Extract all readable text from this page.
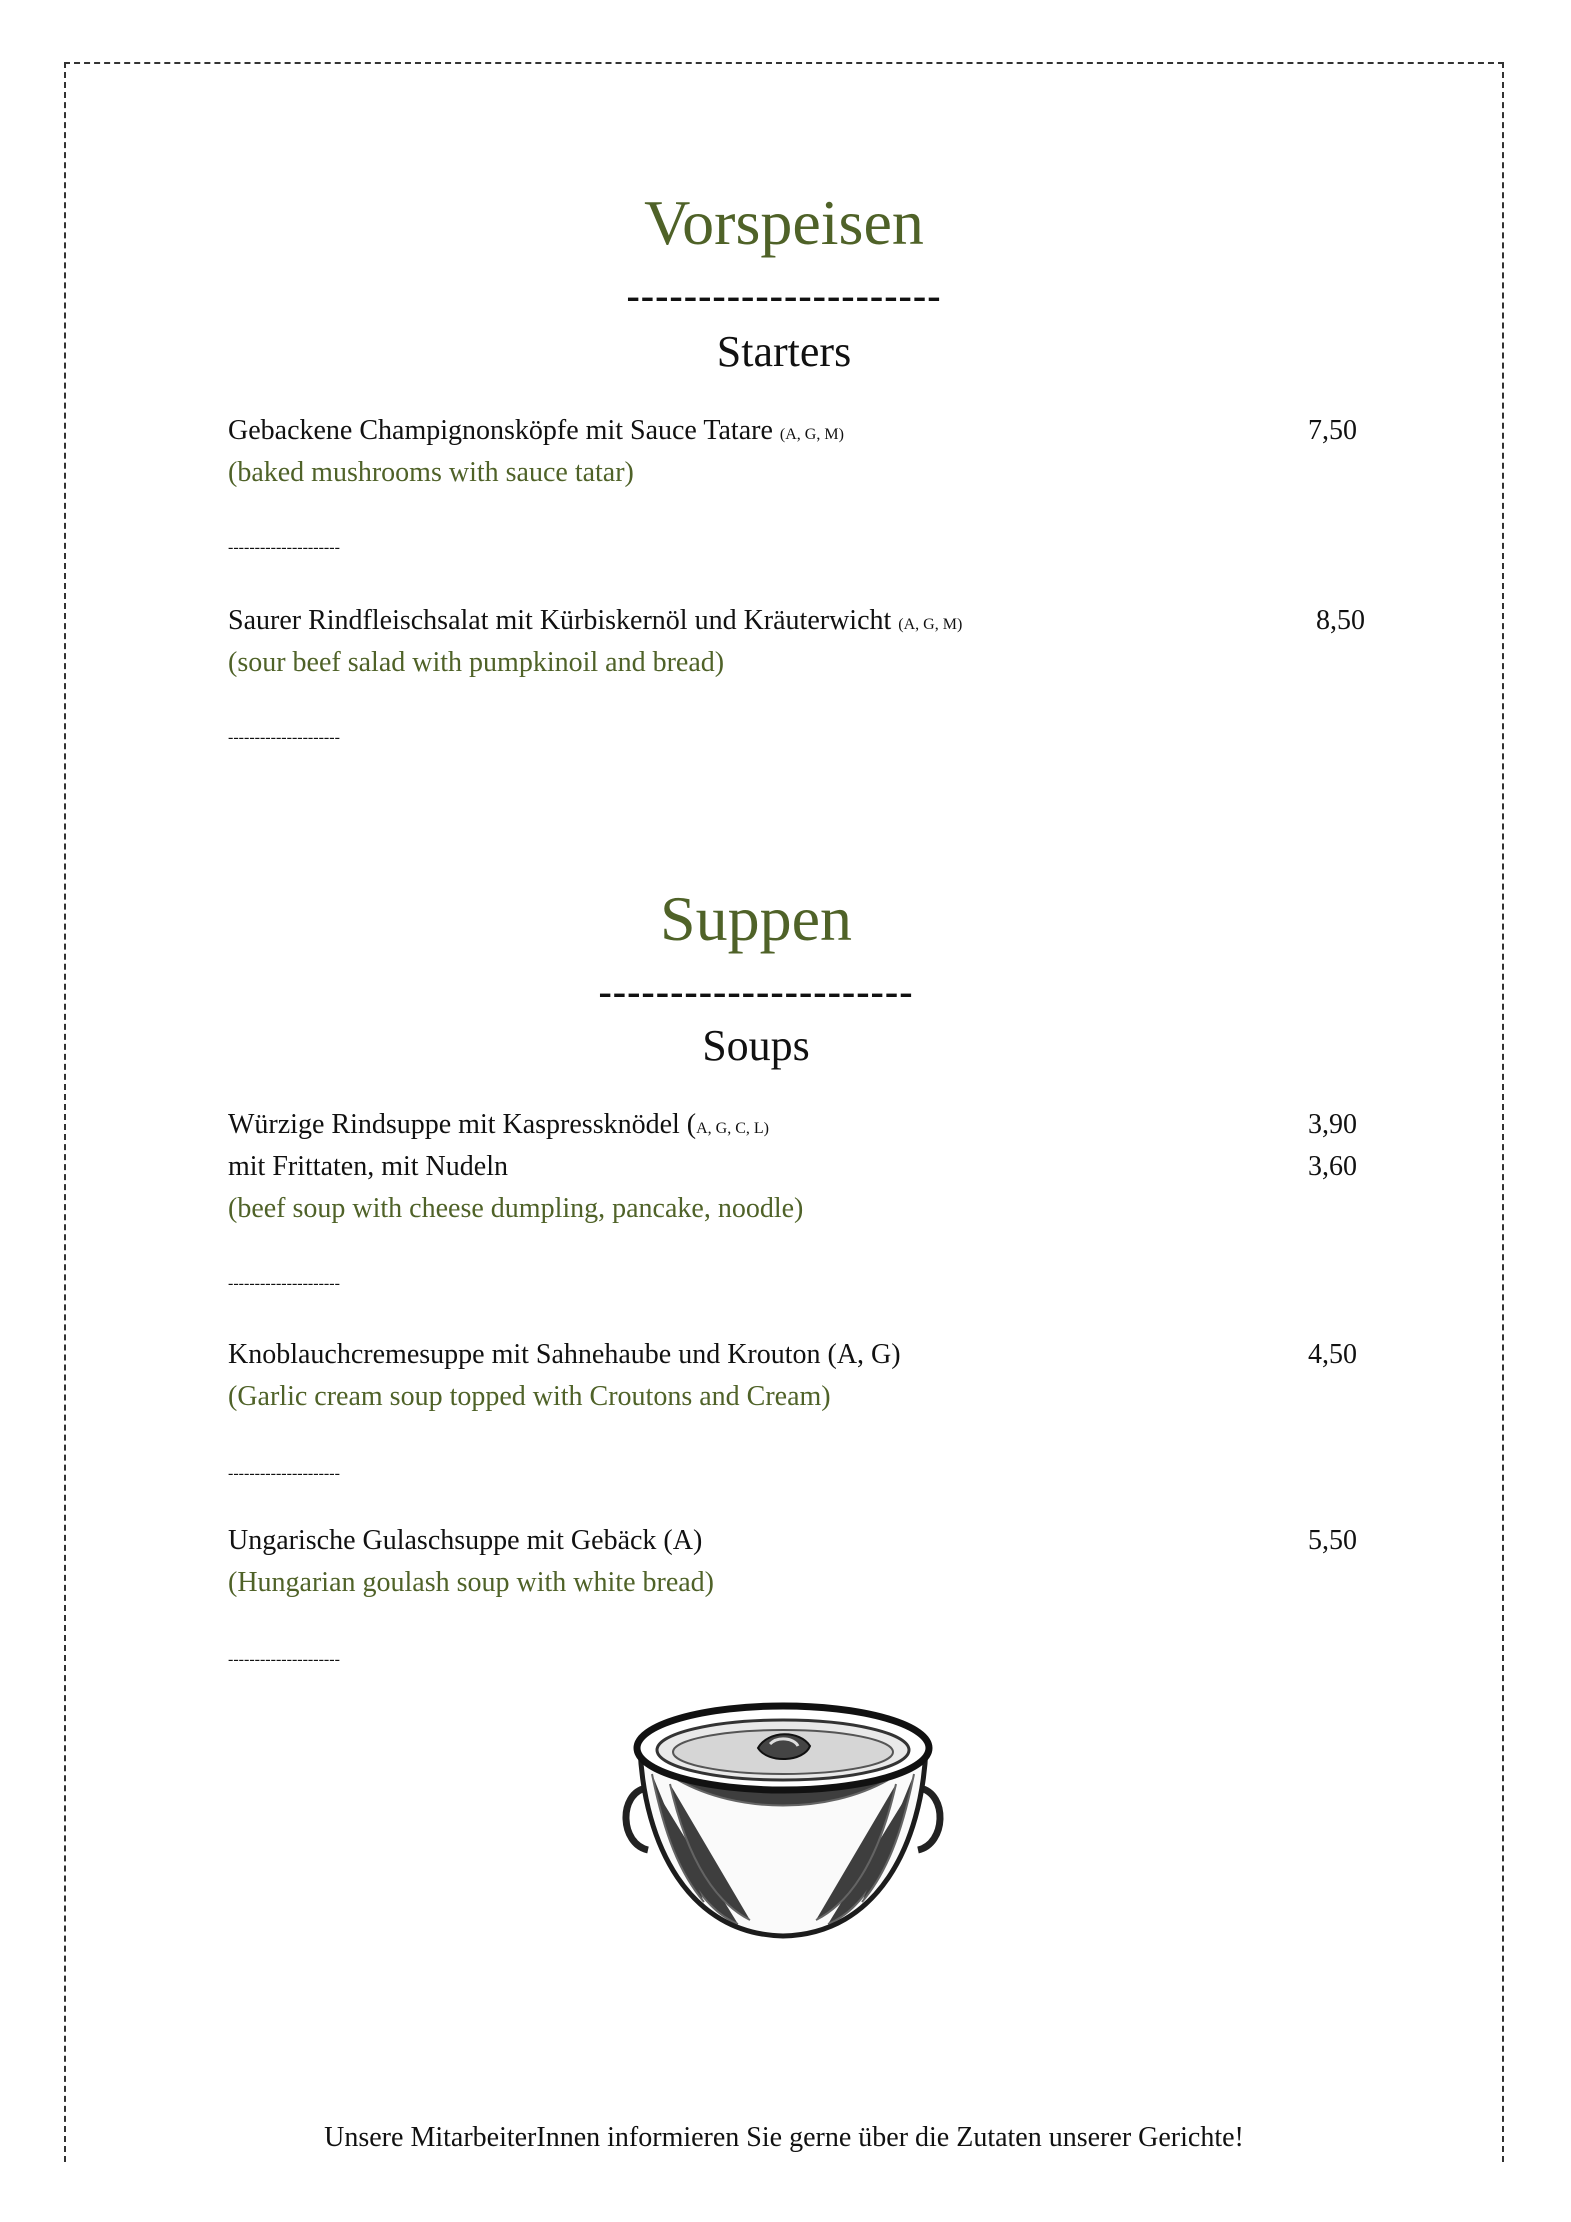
Vorspeisen
----------------------
Starters
Gebackene Champignonsköpfe mit Sauce Tatare (A, G, M)	7,50
(baked mushrooms with sauce tatar)
---------------------
Saurer Rindfleischsalat mit Kürbiskernöl und Kräuterwicht (A, G, M)	8,50
(sour beef salad with pumpkinoil and bread)
---------------------
Suppen
----------------------
Soups
Würzige Rindsuppe mit Kaspressknödel (A, G, C, L)	3,90
mit Frittaten, mit Nudeln	3,60
(beef soup with cheese dumpling, pancake, noodle)
---------------------
Knoblauchcremesuppe mit Sahnehaube und Krouton (A, G)	4,50
(Garlic cream soup topped with Croutons and Cream)
---------------------
Ungarische Gulaschsuppe mit Gebäck (A)	5,50
(Hungarian goulash soup with white bread)
---------------------
Unsere MitarbeiterInnen informieren Sie gerne über die Zutaten unserer Gerichte!
